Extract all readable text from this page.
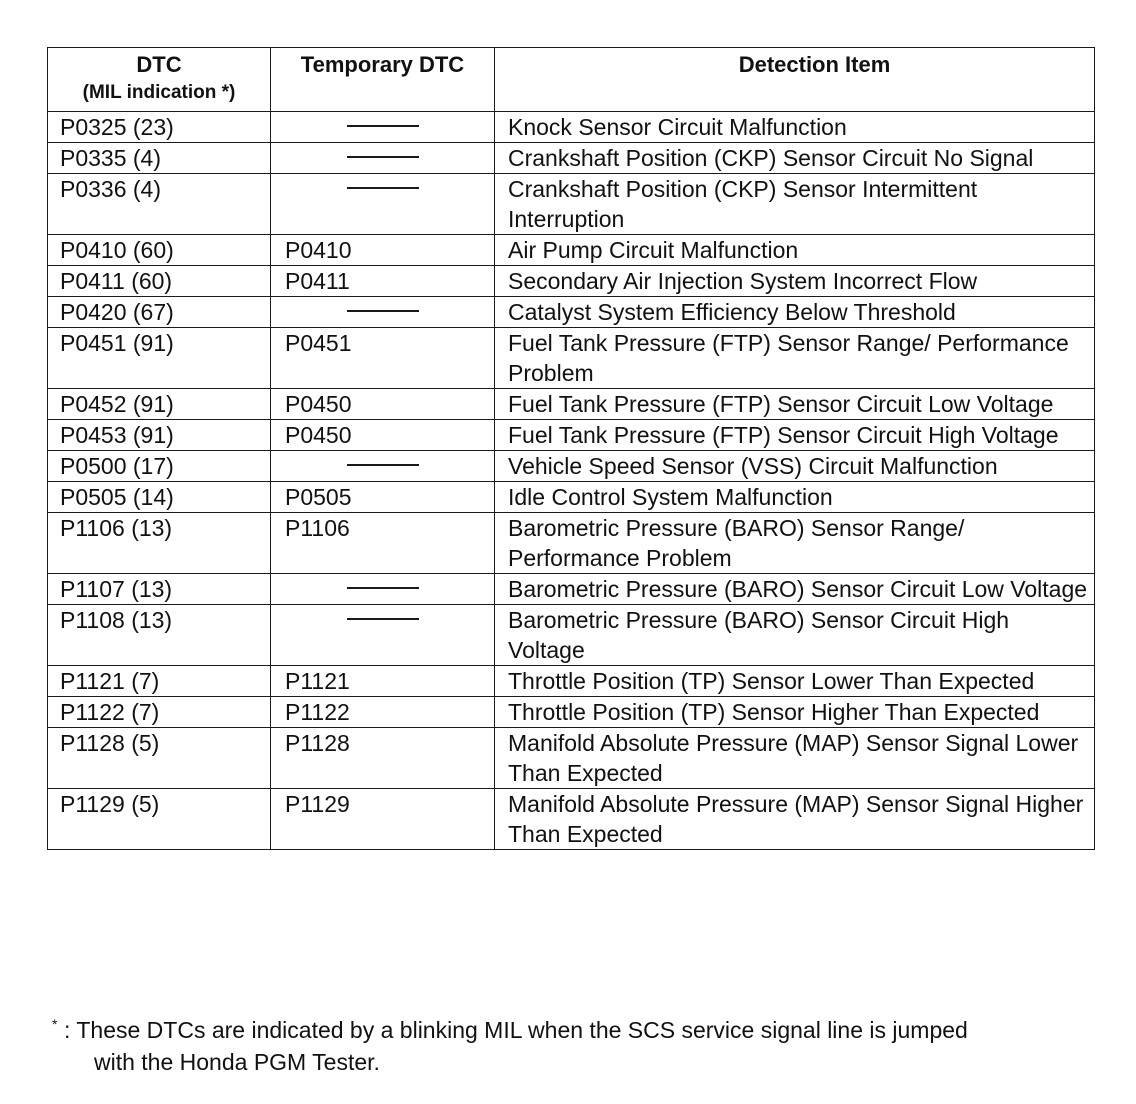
DTC
(MIL indication *)	Temporary DTC	Detection Item
P0325 (23)		Knock Sensor Circuit Malfunction
P0335 (4)		Crankshaft Position (CKP) Sensor Circuit No Signal
P0336 (4)		Crankshaft Position (CKP) Sensor Intermittent Interruption
P0410 (60)	P0410	Air Pump Circuit Malfunction
P0411 (60)	P0411	Secondary Air Injection System Incorrect Flow
P0420 (67)		Catalyst System Efficiency Below Threshold
P0451 (91)	P0451	Fuel Tank Pressure (FTP) Sensor Range/ Performance Problem
P0452 (91)	P0450	Fuel Tank Pressure (FTP) Sensor Circuit Low Voltage
P0453 (91)	P0450	Fuel Tank Pressure (FTP) Sensor Circuit High Voltage
P0500 (17)		Vehicle Speed Sensor (VSS) Circuit Malfunction
P0505 (14)	P0505	Idle Control System Malfunction
P1106 (13)	P1106	Barometric Pressure (BARO) Sensor Range/ Performance Problem
P1107 (13)		Barometric Pressure (BARO) Sensor Circuit Low Voltage
P1108 (13)		Barometric Pressure (BARO) Sensor Circuit High Voltage
P1121 (7)	P1121	Throttle Position (TP) Sensor Lower Than Expected
P1122 (7)	P1122	Throttle Position (TP) Sensor Higher Than Expected
P1128 (5)	P1128	Manifold Absolute Pressure (MAP) Sensor Signal Lower Than Expected
P1129 (5)	P1129	Manifold Absolute Pressure (MAP) Sensor Signal Higher Than Expected
* : These DTCs are indicated by a blinking MIL when the SCS service signal line is jumped
with the Honda PGM Tester.
